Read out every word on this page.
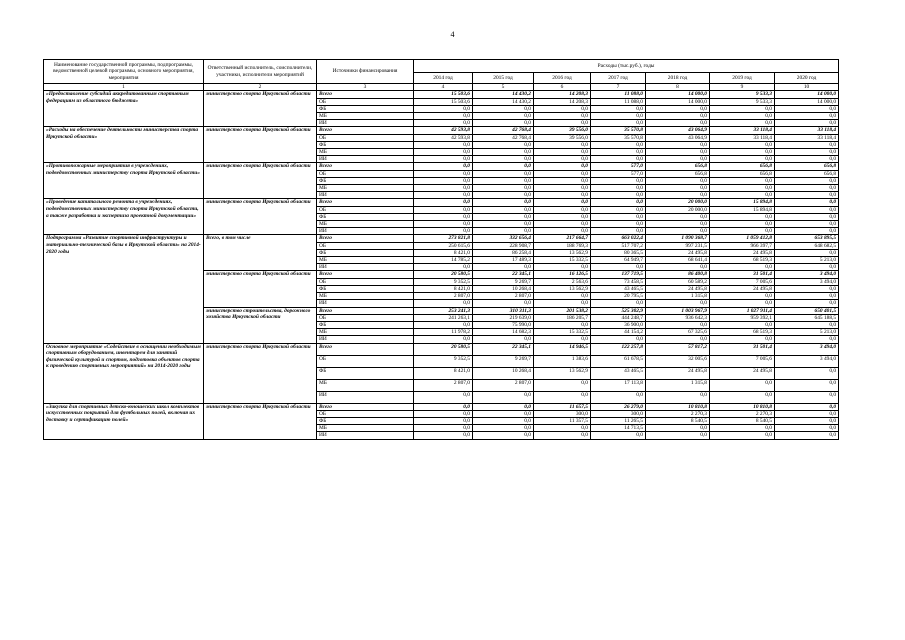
4
Наименование государственной программы, подпрограммы, ведомственной целевой программы, основного мероприятия, мероприятия	Ответственный исполнитель, соисполнители, участники, исполнители мероприятий	Источники финансирования	Расходы (тыс.руб.), годы						
			2014 год	2015 год	2016 год	2017 год	2018 год	2019 год	2020 год
1	2	3	4	5	6	7	8	9	10
«Предоставление субсидий аккредитованным спортивным федерациям из областного бюджета»	министерство спорта Иркутской области	Всего	15 503,6	14 430,2	14 208,3	11 088,0	14 000,0	9 533,3	14 000,0
		ОБ	15 503,6	14 430,2	14 208,3	11 088,0	14 000,0	9 533,3	14 000,0
		ФБ	0,0	0,0	0,0	0,0	0,0	0,0	0,0
		МБ	0,0	0,0	0,0	0,0	0,0	0,0	0,0
		ИИ	0,0	0,0	0,0	0,0	0,0	0,0	0,0
«Расходы на обеспечение деятельности министерства спорта Иркутской области»	министерство спорта Иркутской области	Всего	42 593,8	42 768,4	39 556,0	35 570,8	43 064,9	33 118,4	33 118,4
		ОБ	42 593,8	42 768,4	39 556,0	35 570,8	43 064,9	33 118,4	33 118,4
		ФБ	0,0	0,0	0,0	0,0	0,0	0,0	0,0
		МБ	0,0	0,0	0,0	0,0	0,0	0,0	0,0
		ИИ	0,0	0,0	0,0	0,0	0,0	0,0	0,0
«Противопожарные мероприятия в учреждениях, подведомственных министерству спорта Иркутской области»	министерство спорта Иркутской области	Всего	0,0	0,0	0,0	577,0	656,8	656,8	656,8
		ОБ	0,0	0,0	0,0	577,0	656,8	656,8	656,8
		ФБ	0,0	0,0	0,0	0,0	0,0	0,0	0,0
		МБ	0,0	0,0	0,0	0,0	0,0	0,0	0,0
		ИИ	0,0	0,0	0,0	0,0	0,0	0,0	0,0
«Проведение капитального ремонта в учреждениях, подведомственных министерству спорта Иркутской области, а также разработка и экспертиза проектной документации»	министерство спорта Иркутской области	Всего	0,0	0,0	0,0	0,0	20 000,0	15 894,8	0,0
		ОБ	0,0	0,0	0,0	0,0	20 000,0	15 894,8	0,0
		ФБ	0,0	0,0	0,0	0,0	0,0	0,0	0,0
		МБ	0,0	0,0	0,0	0,0	0,0	0,0	0,0
		ИИ	0,0	0,0	0,0	0,0	0,0	0,0	0,0
Подпрограмма «Развитие спортивной инфраструктуры и материально-технической базы в Иркутской области» на 2014-2020 годы	Всего, в том числе	Всего	273 821,8	332 656,4	217 664,7	663 022,4	1 090 368,7	1 059 412,8	653 895,5
		ОБ	250 615,6	228 908,7	188 769,3	517 707,2	997 231,5	966 397,7	648 682,5
		ФБ	8 421,0	86 258,4	13 562,9	80 365,5	24 495,8	24 495,8	0,0
		МБ	14 785,2	17 489,3	15 332,5	64 949,7	68 641,4	68 519,3	5 213,0
		ИИ	0,0	0,0	0,0	0,0	0,0	0,0	0,0
	министерство спорта Иркутской области	Всего	20 580,5	22 345,1	16 126,5	137 719,5	86 400,8	31 501,4	3 494,0
		ОБ	9 352,5	9 269,7	2 563,6	73 458,5	60 589,2	7 005,6	3 494,0
		ФБ	8 421,0	10 268,4	13 562,9	43 465,5	24 495,8	24 495,8	0,0
		МБ	2 807,0	2 807,0	0,0	20 795,5	1 315,8	0,0	0,0
		ИИ	0,0	0,0	0,0	0,0	0,0	0,0	0,0
	министерство строительства, дорожного хозяйства Иркутской области	Всего	253 241,3	310 311,3	201 538,2	525 302,9	1 003 967,9	1 027 911,4	650 401,5
		ОБ	241 263,1	219 639,0	186 205,7	444 248,7	936 642,3	959 392,1	645 188,5
		ФБ	0,0	75 990,0	0,0	36 900,0	0,0	0,0	0,0
		МБ	11 978,2	14 682,3	15 332,5	44 154,2	67 325,6	68 519,3	5 213,0
		ИИ	0,0	0,0	0,0	0,0	0,0	0,0	0,0
Основное мероприятие «Содействие в оснащении необходимым спортивным оборудованием, инвентарем для занятий физической культурой и спортом, подготовка объектов спорта к проведению спортивных мероприятий» на 2014-2020 годы	министерство спорта Иркутской области	Всего	20 580,5	22 345,1	14 946,5	122 257,8	57 817,2	31 501,4	3 494,0
		ОБ	9 352,5	9 269,7	1 383,6	61 678,5	32 005,6	7 005,6	3 494,0
		ФБ	8 421,0	10 268,4	13 562,9	43 465,5	24 495,8	24 495,8	0,0
		МБ	2 807,0	2 807,0	0,0	17 113,8	1 315,8	0,0	0,0
		ИИ	0,0	0,0	0,0	0,0	0,0	0,0	0,0
«Закупка для спортивных детско-юношеских школ комплектов искусственных покрытий для футбольных полей, включая их доставку и сертификацию полей»	министерство спорта Иркутской области	Всего	0,0	0,0	11 657,5	26 279,0	10 810,8	10 810,8	0,0
		ОБ	0,0	0,0	300,0	300,0	2 270,3	2 270,3	0,0
		ФБ	0,0	0,0	11 357,5	11 265,5	8 540,5	8 540,5	0,0
		МБ	0,0	0,0	0,0	14 713,5	0,0	0,0	0,0
		ИИ	0,0	0,0	0,0	0,0	0,0	0,0	0,0
